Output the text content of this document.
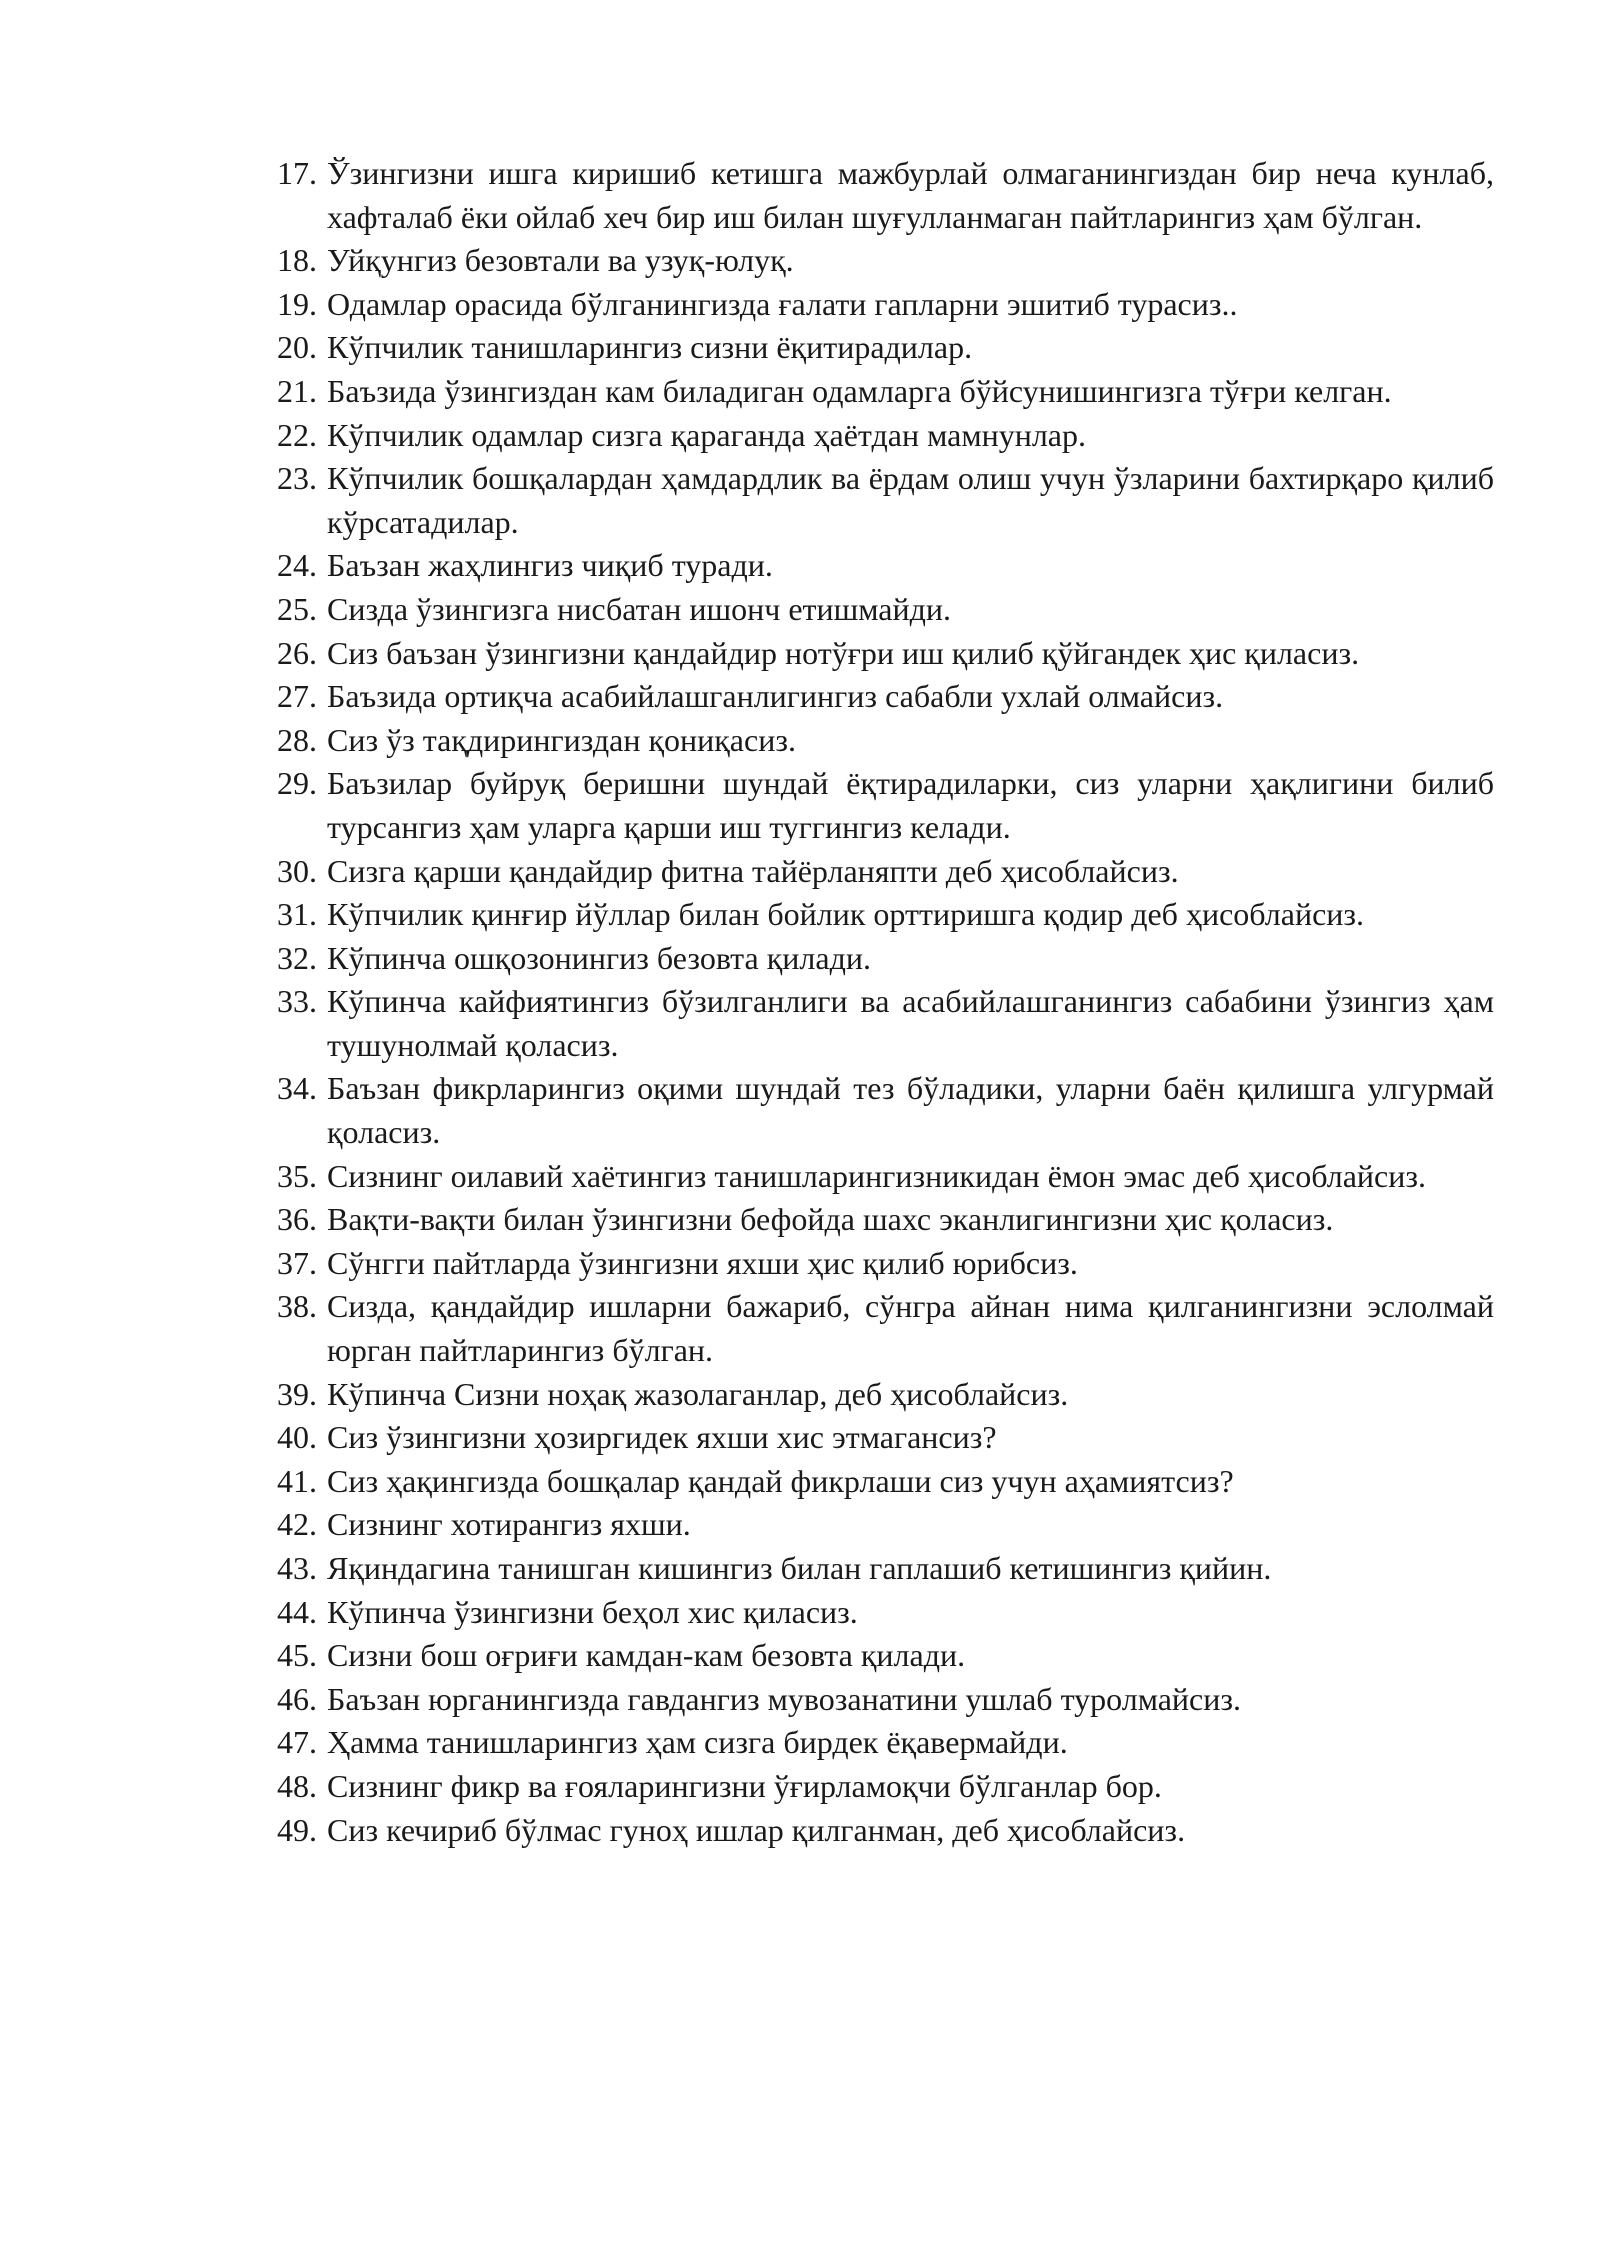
17. Ўзингизни ишга киришиб кетишга мажбурлай олмаганингиздан бир неча кунлаб, хафталаб ёки ойлаб хеч бир иш билан шуғулланмаган пайтларингиз ҳам бўлган.
18. Уйқунгиз безовтали ва узуқ-юлуқ.
19. Одамлар орасида бўлганингизда ғалати гапларни эшитиб турасиз..
20. Кўпчилик танишларингиз сизни ёқитирадилар.
21. Баъзида ўзингиздан кам биладиган одамларга бўйсунишингизга тўғри келган.
22. Кўпчилик одамлар сизга қараганда ҳаётдан мамнунлар.
23. Кўпчилик бошқалардан ҳамдардлик ва ёрдам олиш учун ўзларини бахтирқаро қилиб кўрсатадилар.
24. Баъзан жаҳлингиз чиқиб туради.
25. Сизда ўзингизга нисбатан ишонч етишмайди.
26. Сиз баъзан ўзингизни қандайдир нотўғри иш қилиб қўйгандек ҳис қиласиз.
27. Баъзида ортиқча асабийлашганлигингиз сабабли ухлай олмайсиз.
28. Сиз ўз тақдирингиздан қониқасиз.
29. Баъзилар буйруқ беришни шундай ёқтирадиларки, сиз уларни ҳақлигини билиб турсангиз ҳам уларга қарши иш туггингиз келади.
30. Сизга қарши қандайдир фитна тайёрланяпти деб ҳисоблайсиз.
31. Кўпчилик қинғир йўллар билан бойлик орттиришга қодир деб ҳисоблайсиз.
32. Кўпинча ошқозонингиз безовта қилади.
33. Кўпинча кайфиятингиз бўзилганлиги ва асабийлашганингиз сабабини ўзингиз ҳам тушунолмай қоласиз.
34. Баъзан фикрларингиз оқими шундай тез бўладики, уларни баён қилишга улгурмай қоласиз.
35. Сизнинг оилавий хаётингиз танишларингизникидан ёмон эмас деб ҳисоблайсиз.
36. Вақти-вақти билан ўзингизни бефойда шахс эканлигингизни ҳис қоласиз.
37. Сўнгги пайтларда ўзингизни яхши ҳис қилиб юрибсиз.
38. Сизда, қандайдир ишларни бажариб, сўнгра айнан нима қилганингизни эслолмай юрган пайтларингиз бўлган.
39. Кўпинча Сизни ноҳақ жазолаганлар, деб ҳисоблайсиз.
40. Сиз ўзингизни ҳозиргидек яхши хис этмагансиз?
41. Сиз ҳақингизда бошқалар қандай фикрлаши сиз учун аҳамиятсиз?
42. Сизнинг хотирангиз яхши.
43. Яқиндагина танишган кишингиз билан гаплашиб кетишингиз қийин.
44. Кўпинча ўзингизни беҳол хис қиласиз.
45. Сизни бош оғриғи камдан-кам безовта қилади.
46. Баъзан юрганингизда гавдангиз мувозанатини ушлаб туролмайсиз.
47. Ҳамма танишларингиз ҳам сизга бирдек ёқавермайди.
48. Сизнинг фикр ва ғояларингизни ўғирламоқчи бўлганлар бор.
49. Сиз кечириб бўлмас гуноҳ ишлар қилганман, деб ҳисоблайсиз.
